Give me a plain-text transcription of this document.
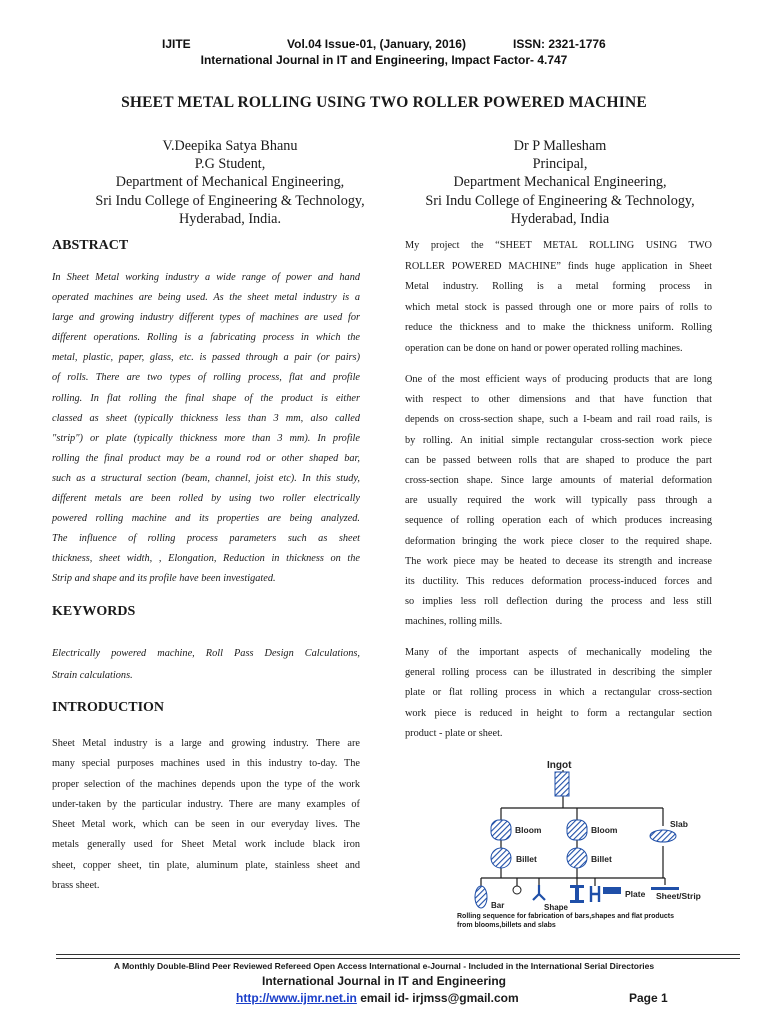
IJITE	Vol.04 Issue-01, (January, 2016)	ISSN: 2321-1776
International Journal in IT and Engineering, Impact Factor- 4.747
SHEET METAL ROLLING USING TWO ROLLER POWERED MACHINE
V.Deepika Satya Bhanu
P.G Student,
Department of Mechanical Engineering,
Sri Indu College of Engineering & Technology,
Hyderabad, India.
Dr P Mallesham
Principal,
Department Mechanical Engineering,
Sri Indu College of Engineering & Technology,
Hyderabad, India
ABSTRACT
In Sheet Metal working industry a wide range of power and hand
operated machines are being used. As the sheet metal industry is a
large and growing industry different types of machines are used for
different operations. Rolling is a fabricating process in which the
metal, plastic, paper, glass, etc. is passed through a pair (or pairs)
of rolls. There are two types of rolling process, flat and profile
rolling. In flat rolling the final shape of the product is either
classed as sheet (typically thickness less than 3 mm, also called
"strip") or plate (typically thickness more than 3 mm). In profile
rolling the final product may be a round rod or other shaped bar,
such as a structural section (beam, channel, joist etc). In this study,
different metals are been rolled by using two roller electrically
powered rolling machine and its properties are being analyzed.
The influence of rolling process parameters such as sheet
thickness, sheet width, , Elongation, Reduction in thickness on the
Strip and shape and its profile have been investigated.
KEYWORDS
Electrically powered machine, Roll Pass Design Calculations,
Strain calculations.
INTRODUCTION
Sheet Metal industry is a large and growing industry. There are
many special purposes machines used in this industry to-day. The
proper selection of the machines depends upon the type of the work
under-taken by the particular industry. There are many examples of
Sheet Metal work, which can be seen in our everyday lives. The
metals generally used for Sheet Metal work include black iron
sheet, copper sheet, tin plate, aluminum plate, stainless sheet and
brass sheet.
My project the “SHEET METAL ROLLING USING TWO
ROLLER POWERED MACHINE” finds huge application in Sheet
Metal industry. Rolling is a metal forming process in
which metal stock is passed through one or more pairs of rolls to
reduce the thickness and to make the thickness uniform. Rolling
operation can be done on hand or power operated rolling machines.
One of the most efficient ways of producing products that are long
with respect to other dimensions and that have function that
depends on cross-section shape, such a I-beam and rail road rails, is
by rolling. An initial simple rectangular cross-section work piece
can be passed between rolls that are shaped to produce the part
cross-section shape. Since large amounts of material deformation
are usually required the work will typically pass through a
sequence of rolling operation each of which produces increasing
deformation bringing the work piece closer to the required shape.
The work piece may be heated to decease its strength and increase
its ductility. This reduces deformation process-induced forces and
so implies less roll deflection during the process and less still
machines, rolling mills.
Many of the important aspects of mechanically modeling the
general rolling process can be illustrated in describing the simpler
plate or flat rolling process in which a rectangular cross-section
work piece is reduced in height to form a rectangular section
product - plate or sheet.
Ingot
Bloom	Bloom
Slab
Billet	Billet
Bar	Shape
Plate Sheet/Strip
Rolling sequence for fabrication of bars,shapes and flat products
from blooms,billets and slabs
A Monthly Double-Blind Peer Reviewed Refereed Open Access International e-Journal - Included in the International Serial Directories
International Journal in IT and Engineering
http://www.ijmr.net.in email id- irjmss@gmail.com	Page 1
